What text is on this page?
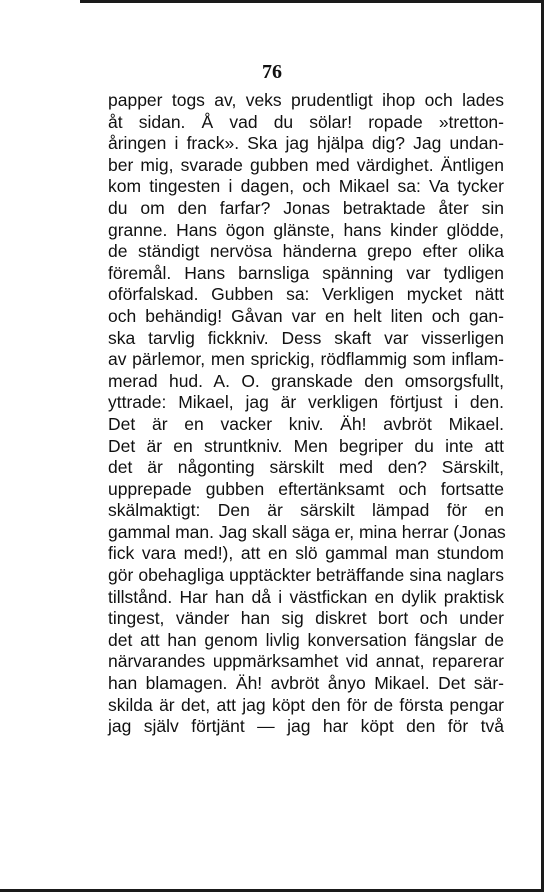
76
papper togs av, veks prudentligt ihop och lades
åt sidan. Å vad du sölar! ropade »tretton-
åringen i frack». Ska jag hjälpa dig? Jag undan-
ber mig, svarade gubben med värdighet. Äntligen
kom tingesten i dagen, och Mikael sa: Va tycker
du om den farfar? Jonas betraktade åter sin
granne. Hans ögon glänste, hans kinder glödde,
de ständigt nervösa händerna grepo efter olika
föremål. Hans barnsliga spänning var tydligen
oförfalskad. Gubben sa: Verkligen mycket nätt
och behändig! Gåvan var en helt liten och gan-
ska tarvlig fickkniv. Dess skaft var visserligen
av pärlemor, men sprickig, rödflammig som inflam-
merad hud. A. O. granskade den omsorgsfullt,
yttrade: Mikael, jag är verkligen förtjust i den.
Det är en vacker kniv. Äh! avbröt Mikael.
Det är en struntkniv. Men begriper du inte att
det är någonting särskilt med den? Särskilt,
upprepade gubben eftertänksamt och fortsatte
skälmaktigt: Den är särskilt lämpad för en
gammal man. Jag skall säga er, mina herrar (Jonas
fick vara med!), att en slö gammal man stundom
gör obehagliga upptäckter beträffande sina naglars
tillstånd. Har han då i västfickan en dylik praktisk
tingest, vänder han sig diskret bort och under
det att han genom livlig konversation fängslar de
närvarandes uppmärksamhet vid annat, reparerar
han blamagen. Äh! avbröt ånyo Mikael. Det sär-
skilda är det, att jag köpt den för de första pengar
jag själv förtjänt — jag har köpt den för två
